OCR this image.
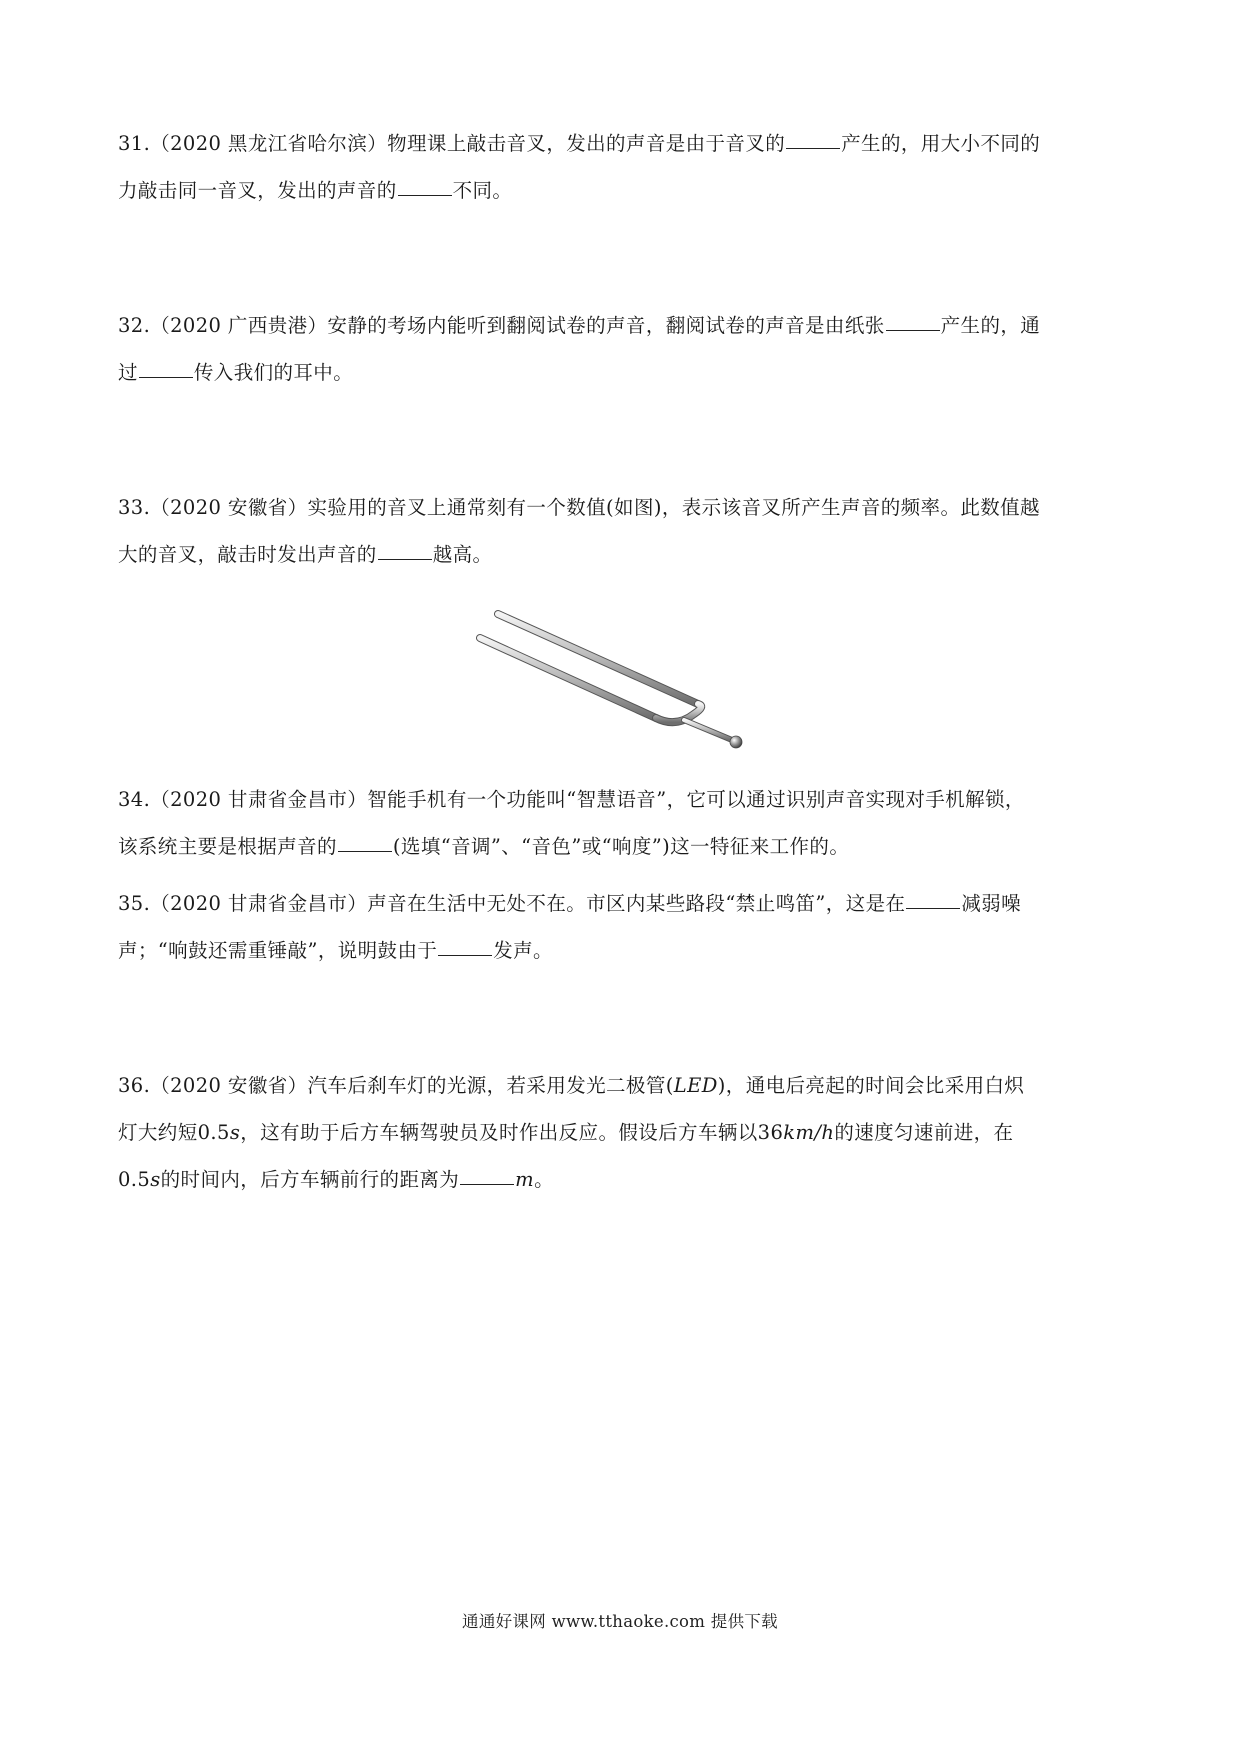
31.（2020 黑龙江省哈尔滨）物理课上敲击音叉，发出的声音是由于音叉的	产生的，用大小不同的
力敲击同一音叉，发出的声音的	不同。
32.（2020 广西贵港）安静的考场内能听到翻阅试卷的声音，翻阅试卷的声音是由纸张	产生的，通
过	传入我们的耳中。
33.（2020 安徽省）实验用的音叉上通常刻有一个数值(如图)，表示该音叉所产生声音的频率。此数值越
大的音叉，敲击时发出声音的	越高。
34.（2020 甘肃省金昌市）智能手机有一个功能叫“智慧语音”，它可以通过识别声音实现对手机解锁，
该系统主要是根据声音的	(选填“音调”、“音色”或“响度”)这一特征来工作的。
35.（2020 甘肃省金昌市）声音在生活中无处不在。市区内某些路段“禁止鸣笛”，这是在	减弱噪
声；“响鼓还需重锤敲”，说明鼓由于	发声。
36.（2020 安徽省）汽车后刹车灯的光源，若采用发光二极管(LED)，通电后亮起的时间会比采用白炽
灯大约短0.5s，这有助于后方车辆驾驶员及时作出反应。假设后方车辆以36km/h的速度匀速前进，在
0.5s的时间内，后方车辆前行的距离为	m。
通通好课网 www.tthaoke.com 提供下载
